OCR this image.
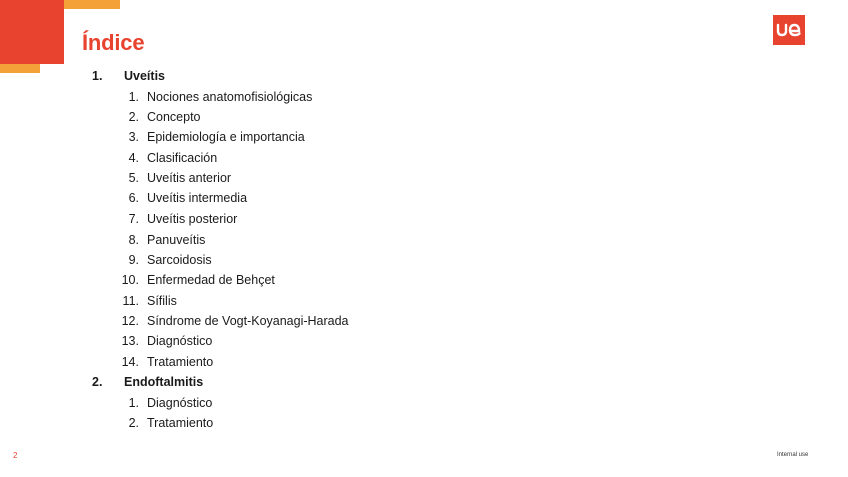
Índice
1.	Uveítis
1. Nociones anatomofisiológicas
2. Concepto
3. Epidemiología e importancia
4. Clasificación
5. Uveítis anterior
6. Uveítis intermedia
7. Uveítis posterior
8. Panuveítis
9. Sarcoidosis
10. Enfermedad de Behçet
11. Sífilis
12. Síndrome de Vogt-Koyanagi-Harada
13. Diagnóstico
14. Tratamiento
2.	Endoftalmitis
1. Diagnóstico
2. Tratamiento
2	Internal use
